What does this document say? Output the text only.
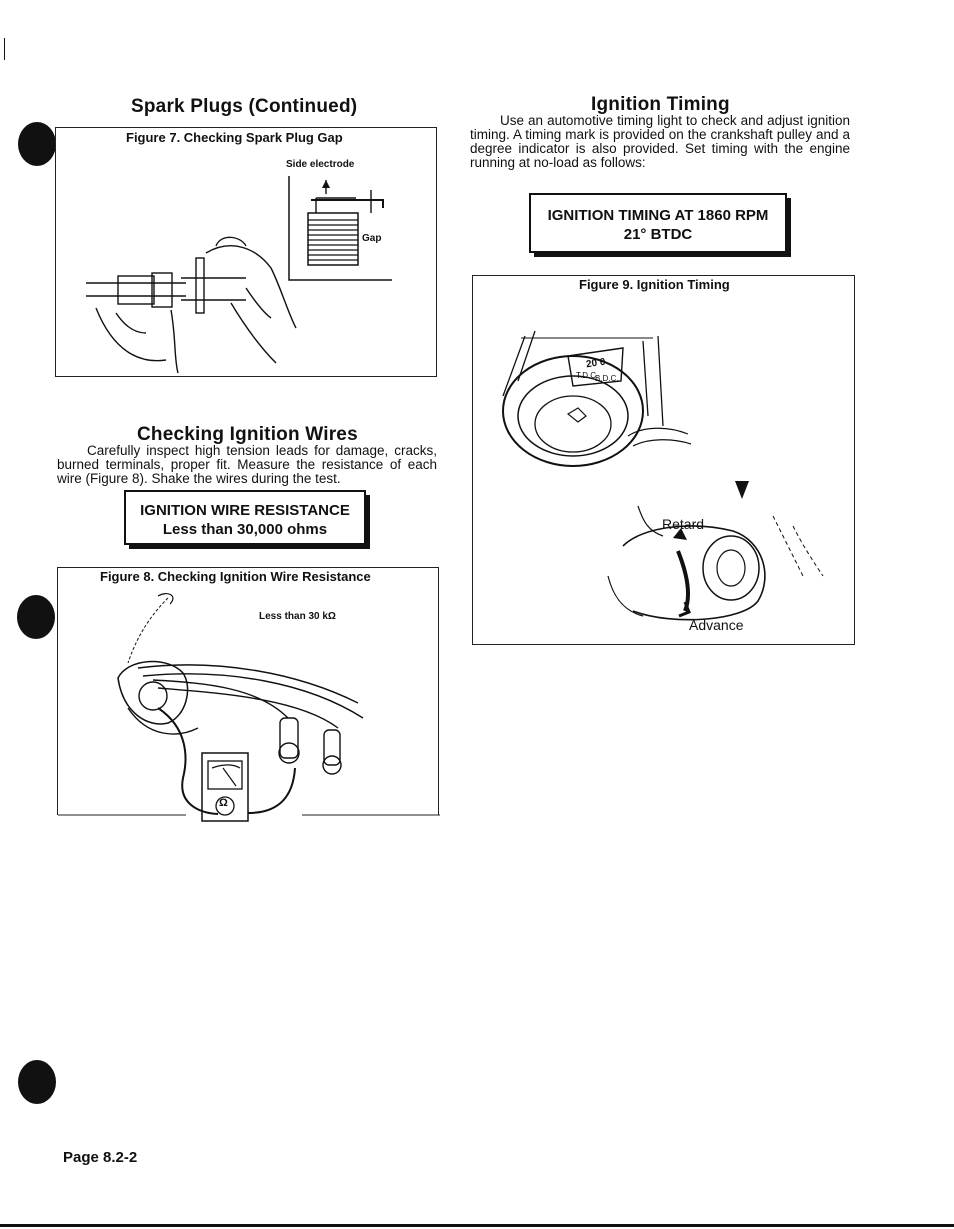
Spark Plugs (Continued)
Figure 7. Checking Spark Plug Gap
Side electrode
Gap
Checking Ignition Wires
Carefully inspect high tension leads for damage, cracks, burned terminals, proper fit. Measure the resistance of each wire (Figure 8). Shake the wires during the test.
IGNITION WIRE RESISTANCE
Less than 30,000 ohms
Figure 8. Checking Ignition Wire Resistance
Less than 30 kΩ
Ω
Ignition Timing
Use an automotive timing light to check and adjust ignition timing. A timing mark is provided on the crankshaft pulley and a degree indicator is also provided. Set timing with the engine running at no-load as follows:
IGNITION TIMING AT 1860 RPM
21° BTDC
Figure 9. Ignition Timing
20 0
T.D.C.
B.D.C.
Retard
Advance
Page 8.2-2
